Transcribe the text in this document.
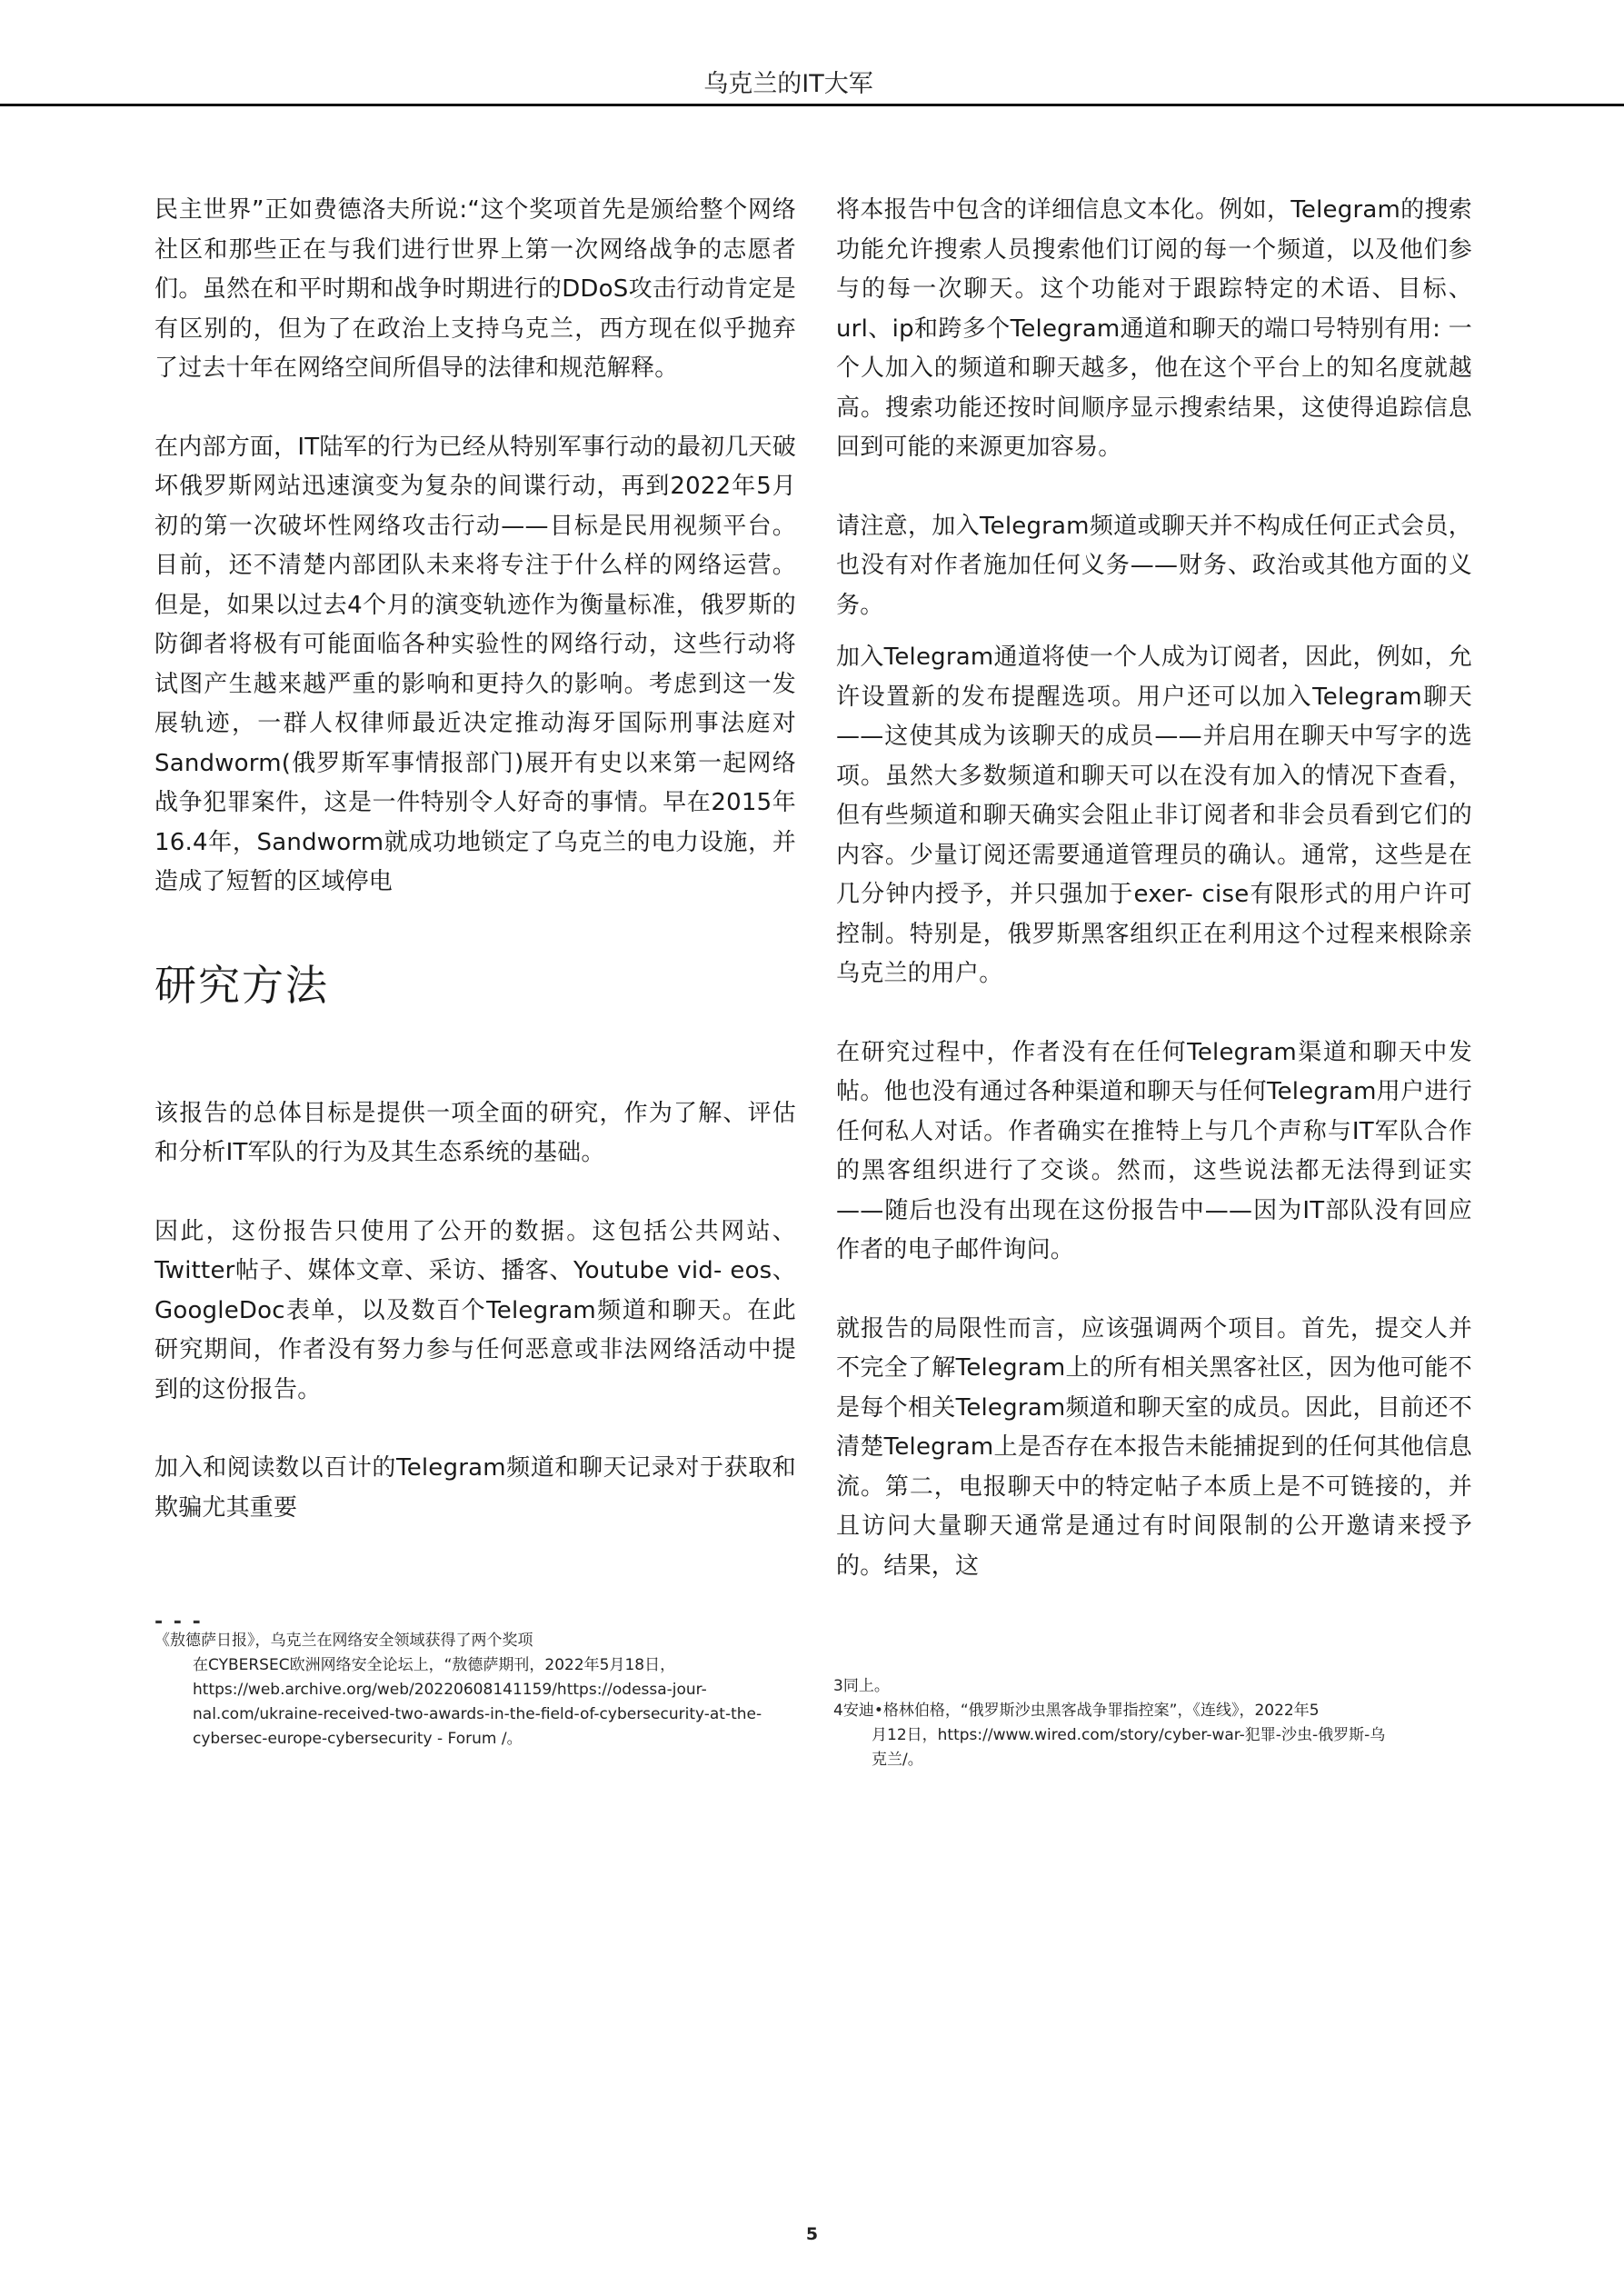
乌克兰的IT大军

民主世界”正如费德洛夫所说:“这个奖项首先是颁给整个网络社区和那些正在与我们进行世界上第一次网络战争的志愿者们。虽然在和平时期和战争时期进行的DDoS攻击行动肯定是有区别的，但为了在政治上支持乌克兰，西方现在似乎抛弃了过去十年在网络空间所倡导的法律和规范解释。

在内部方面，IT陆军的行为已经从特别军事行动的最初几天破坏俄罗斯网站迅速演变为复杂的间谍行动，再到2022年5月初的第一次破坏性网络攻击行动——目标是民用视频平台。目前，还不清楚内部团队未来将专注于什么样的网络运营。但是，如果以过去4个月的演变轨迹作为衡量标准，俄罗斯的防御者将极有可能面临各种实验性的网络行动，这些行动将试图产生越来越严重的影响和更持久的影响。考虑到这一发展轨迹，一群人权律师最近决定推动海牙国际刑事法庭对Sandworm(俄罗斯军事情报部门)展开有史以来第一起网络战争犯罪案件，这是一件特别令人好奇的事情。早在2015年16.4年，Sandworm就成功地锁定了乌克兰的电力设施，并造成了短暂的区域停电

研究方法

该报告的总体目标是提供一项全面的研究，作为了解、评估和分析IT军队的行为及其生态系统的基础。

因此，这份报告只使用了公开的数据。这包括公共网站、Twitter帖子、媒体文章、采访、播客、Youtube vid- eos、GoogleDoc表单，以及数百个Telegram频道和聊天。在此研究期间，作者没有努力参与任何恶意或非法网络活动中提到的这份报告。

加入和阅读数以百计的Telegram频道和聊天记录对于获取和欺骗尤其重要

将本报告中包含的详细信息文本化。例如，Telegram的搜索功能允许搜索人员搜索他们订阅的每一个频道，以及他们参与的每一次聊天。这个功能对于跟踪特定的术语、目标、url、ip和跨多个Telegram通道和聊天的端口号特别有用: 一个人加入的频道和聊天越多，他在这个平台上的知名度就越高。搜索功能还按时间顺序显示搜索结果，这使得追踪信息回到可能的来源更加容易。

请注意，加入Telegram频道或聊天并不构成任何正式会员，也没有对作者施加任何义务——财务、政治或其他方面的义务。

加入Telegram通道将使一个人成为订阅者，因此，例如，允许设置新的发布提醒选项。用户还可以加入Telegram聊天——这使其成为该聊天的成员——并启用在聊天中写字的选项。虽然大多数频道和聊天可以在没有加入的情况下查看，但有些频道和聊天确实会阻止非订阅者和非会员看到它们的内容。少量订阅还需要通道管理员的确认。通常，这些是在几分钟内授予，并只强加于exer- cise有限形式的用户许可控制。特别是，俄罗斯黑客组织正在利用这个过程来根除亲乌克兰的用户。

在研究过程中，作者没有在任何Telegram渠道和聊天中发帖。他也没有通过各种渠道和聊天与任何Telegram用户进行任何私人对话。作者确实在推特上与几个声称与IT军队合作的黑客组织进行了交谈。然而，这些说法都无法得到证实——随后也没有出现在这份报告中——因为IT部队没有回应作者的电子邮件询问。

就报告的局限性而言，应该强调两个项目。首先，提交人并不完全了解Telegram上的所有相关黑客社区，因为他可能不是每个相关Telegram频道和聊天室的成员。因此，目前还不清楚Telegram上是否存在本报告未能捕捉到的任何其他信息流。第二，电报聊天中的特定帖子本质上是不可链接的，并且访问大量聊天通常是通过有时间限制的公开邀请来授予的。结果，这

- - -

《敖德萨日报》，乌克兰在网络安全领域获得了两个奖项

在CYBERSEC欧洲网络安全论坛上，“敖德萨期刊，2022年5月18日，

https://web.archive.org/web/20220608141159/https://odessa-jour-

nal.com/ukraine-received-two-awards-in-the-field-of-cybersecurity-at-the-

cybersec-europe-cybersecurity - Forum /。

3同上。

4安迪•格林伯格，“俄罗斯沙虫黑客战争罪指控案”，《连线》，2022年5

月12日，https://www.wired.com/story/cyber-war-犯罪-沙虫-俄罗斯-乌

克兰/。

5
